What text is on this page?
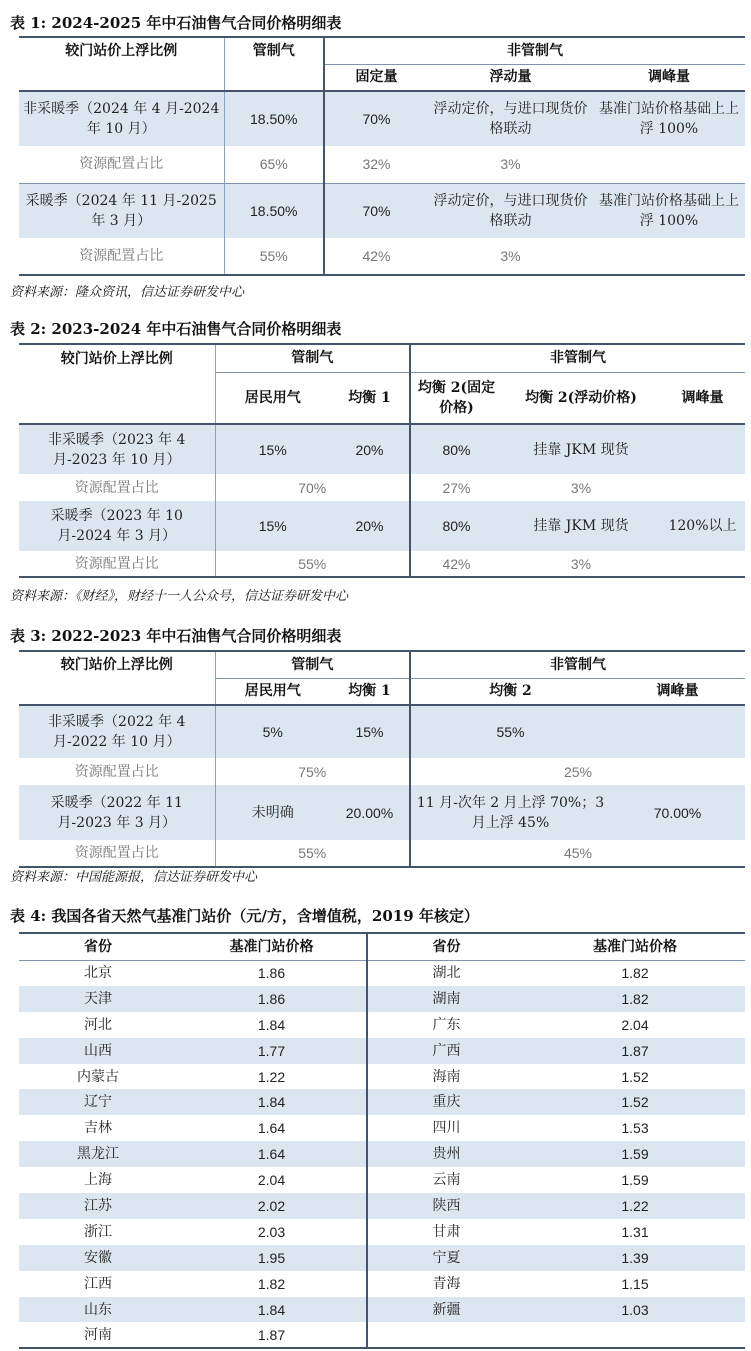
表 1: 2024-2025 年中石油售气合同价格明细表
较门站价上浮比例	管制气	非管制气		
		固定量	浮动量	调峰量
非采暖季（2024 年 4 月-2024 年 10 月）	18.50%	70%	浮动定价，与进口现货价格联动	基准门站价格基础上上浮 100%
资源配置占比	65%	32%	3%	
采暖季（2024 年 11 月-2025 年 3 月）	18.50%	70%	浮动定价，与进口现货价格联动	基准门站价格基础上上浮 100%
资源配置占比	55%	42%	3%	
资料来源：隆众资讯，信达证券研发中心
表 2: 2023-2024 年中石油售气合同价格明细表
较门站价上浮比例	管制气		非管制气		
	居民用气	均衡 1	均衡 2(固定价格)	均衡 2(浮动价格)	调峰量
非采暖季（2023 年 4 月-2023 年 10 月）	15%	20%	80%	挂靠 JKM 现货	
资源配置占比	70%		27%	3%	
采暖季（2023 年 10 月-2024 年 3 月）	15%	20%	80%	挂靠 JKM 现货	120%以上
资源配置占比	55%		42%	3%	
资料来源：《财经》，财经十一人公众号，信达证券研发中心
表 3: 2022-2023 年中石油售气合同价格明细表
较门站价上浮比例	管制气		非管制气	
	居民用气	均衡 1	均衡 2	调峰量
非采暖季（2022 年 4 月-2022 年 10 月）	5%	15%	55%	
资源配置占比	75%		25%	
采暖季（2022 年 11 月-2023 年 3 月）	未明确	20.00%	11 月-次年 2 月上浮 70%；3 月上浮 45%	70.00%
资源配置占比	55%		45%	
资料来源：中国能源报，信达证券研发中心
表 4: 我国各省天然气基准门站价（元/方，含增值税，2019 年核定）
省份	基准门站价格	省份	基准门站价格
北京	1.86	湖北	1.82
天津	1.86	湖南	1.82
河北	1.84	广东	2.04
山西	1.77	广西	1.87
内蒙古	1.22	海南	1.52
辽宁	1.84	重庆	1.52
吉林	1.64	四川	1.53
黑龙江	1.64	贵州	1.59
上海	2.04	云南	1.59
江苏	2.02	陕西	1.22
浙江	2.03	甘肃	1.31
安徽	1.95	宁夏	1.39
江西	1.82	青海	1.15
山东	1.84	新疆	1.03
河南	1.87		
